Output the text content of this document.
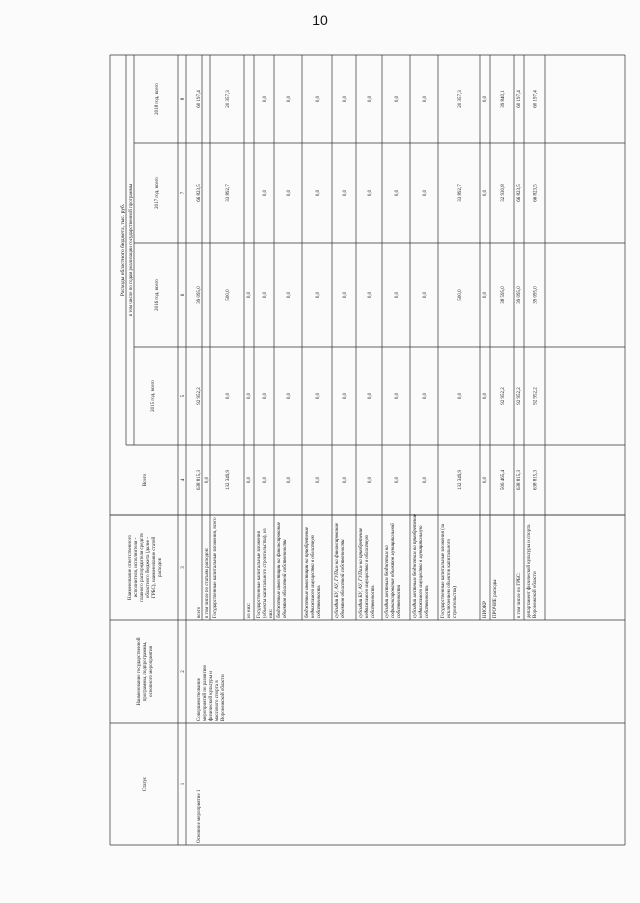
10
Расходы областного бюджета, тыс. руб. в том числе по годам реализации государственной программы
Статус
Наименование государственнойпрограммы, подпрограммы,основного мероприятия
Наименование ответственногоисполнителя, исполнителя -главного распорядителя средствобластного бюджета (далее -ГРБС), наименование статейрасходов
Всего
2015 год, всего
2016 год, всего
2017 год, всего
2018 год, всего
1
2
3
4
5
6
7
8
Основное мероприятие 1
Совершенствованиемероприятий по развитиюфизической культуры имассового спорта вВоронежской области
всего
638 815,3
92 952,2
39 095,0
66 823,5
60 197,4
в том числе по статьям расходов:
0,0
Государственные капитальные вложения, всего
132 349,9
0,0
500,0
33 892,7
20 357,3
из них:
0,0
0,0
0,0
Государственные капитальные вложения(объекты капитального строительства), изних:
0,0
0,0
0,0
0,0
0,0
бюджетные инвестиции на финансированиеобъектов областной собственности
0,0
0,0
0,0
0,0
0,0
бюджетные инвестиции на приобретениенедвижимого имущества в областнуюсобственность
0,0
0,0
0,0
0,0
0,0
субсидии БУ, АУ, ГУПам на финансированиеобъектов областной собственности
0,0
0,0
0,0
0,0
0,0
субсидии БУ, АУ, ГУПам на приобретениенедвижимого имущества в областнуюсобственность
0,0
0,0
0,0
0,0
0,0
субсидии местным бюджетам насофинансирование объектов муниципальнойсобственности
0,0
0,0
0,0
0,0
0,0
субсидии местным бюджетам на приобретениенедвижимого имущества в муниципальнуюсобственность
0,0
0,0
0,0
0,0
0,0
Государственные капитальные вложения (заисключением объектов капитальногостроительства)
132 349,9
0,0
500,0
33 892,7
20 357,3
НИОКР
0,0
0,0
0,0
0,0
0,0
ПРОЧИЕ расходы
506 465,4
92 952,2
38 595,0
32 930,8
39 840,1
в том числе по ГРБС:
638 815,3
92 952,2
39 095,0
66 823,5
60 197,4
департамент физической культуры и спортаВоронежской области
638 815,3
92 952,2
39 095,0
66 823,5
60 197,4
